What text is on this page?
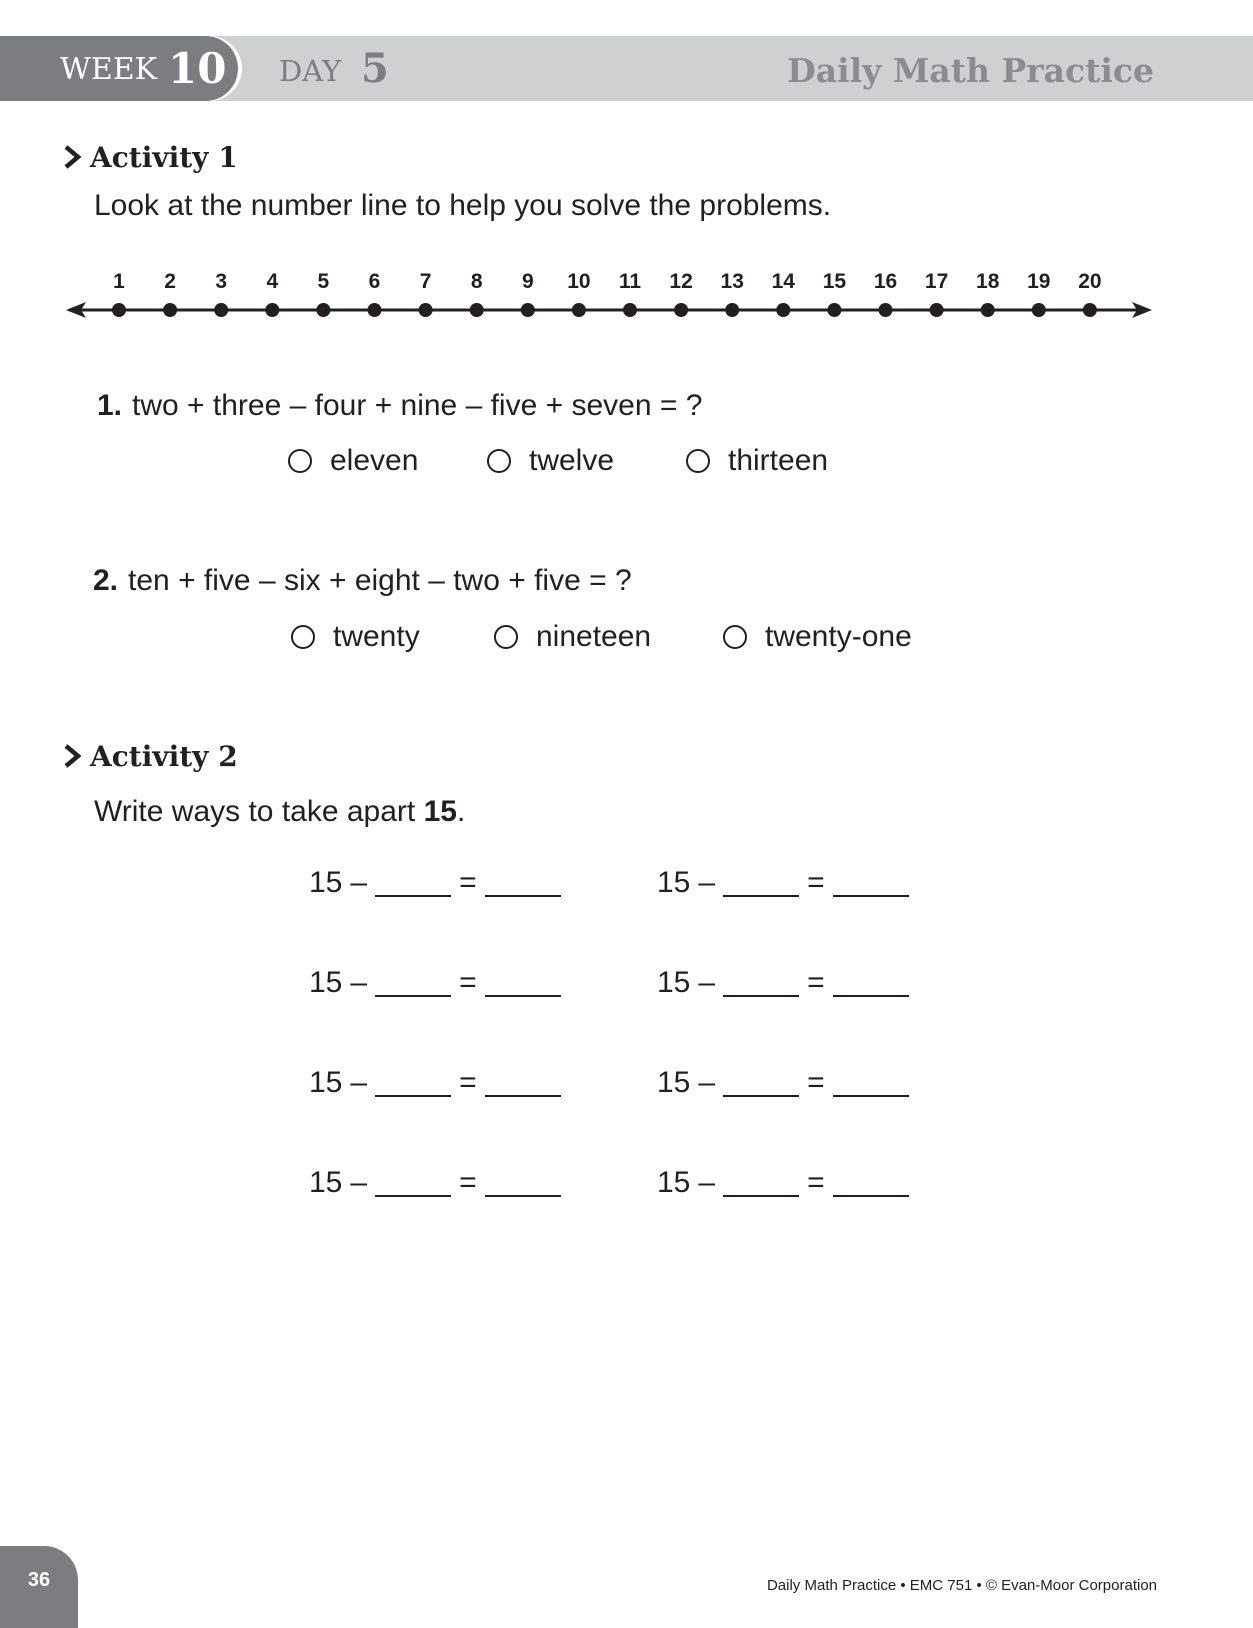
WEEK 10 DAY 5	Daily Math Practice
Activity 1
Look at the number line to help you solve the problems.
1 2 3 4 5 6 7 8 9 10 11 12 13 14 15 16 17 18 19 20
1. two + three – four + nine – five + seven = ?
eleven	twelve	thirteen
2. ten + five – six + eight – two + five = ?
twenty	nineteen	twenty-one
Activity 2
Write ways to take apart 15.
15 –	=	15 –	=
15 –	=	15 –	=
15 –	=	15 –	=
15 –	=	15 –	=
36	Daily Math Practice • EMC 751 • © Evan-Moor Corporation
